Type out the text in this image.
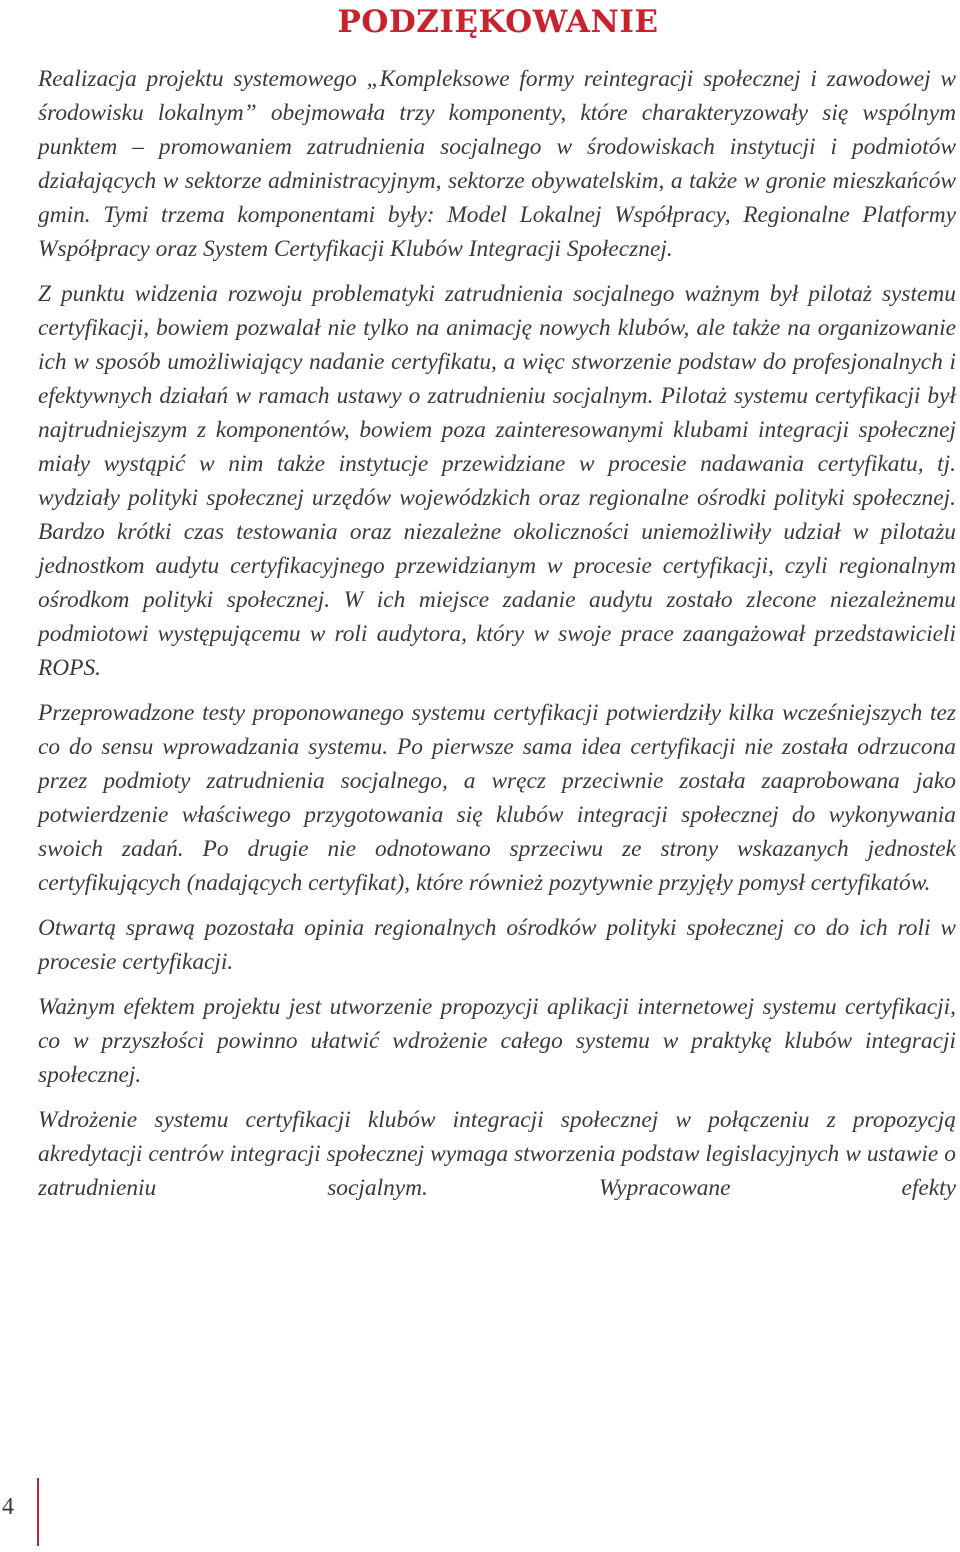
PODZIĘKOWANIE

Realizacja projektu systemowego „Kompleksowe formy reintegracji społecznej i zawodowej w środowisku lokalnym” obejmowała trzy komponenty, które charakteryzowały się wspólnym punktem – promowaniem zatrudnienia socjalnego w środowiskach instytucji i podmiotów działających w sektorze administracyjnym, sektorze obywatelskim, a także w gronie mieszkańców gmin. Tymi trzema komponentami były: Model Lokalnej Współpracy, Regionalne Platformy Współpracy oraz System Certyfikacji Klubów Integracji Społecznej.

Z punktu widzenia rozwoju problematyki zatrudnienia socjalnego ważnym był pilotaż systemu certyfikacji, bowiem pozwalał nie tylko na animację nowych klubów, ale także na organizowanie ich w sposób umożliwiający nadanie certyfikatu, a więc stworzenie podstaw do profesjonalnych i efektywnych działań w ramach ustawy o zatrudnieniu socjalnym. Pilotaż systemu certyfikacji był najtrudniejszym z komponentów, bowiem poza zainteresowanymi klubami integracji społecznej miały wystąpić w nim także instytucje przewidziane w procesie nadawania certyfikatu, tj. wydziały polityki społecznej urzędów wojewódzkich oraz regionalne ośrodki polityki społecznej. Bardzo krótki czas testowania oraz niezależne okoliczności uniemożliwiły udział w pilotażu jednostkom audytu certyfikacyjnego przewidzianym w procesie certyfikacji, czyli regionalnym ośrodkom polityki społecznej. W ich miejsce zadanie audytu zostało zlecone niezależnemu podmiotowi występującemu w roli audytora, który w swoje prace zaangażował przedstawicieli ROPS.

Przeprowadzone testy proponowanego systemu certyfikacji potwierdziły kilka wcześniejszych tez co do sensu wprowadzania systemu. Po pierwsze sama idea certyfikacji nie została odrzucona przez podmioty zatrudnienia socjalnego, a wręcz przeciwnie została zaaprobowana jako potwierdzenie właściwego przygotowania się klubów integracji społecznej do wykonywania swoich zadań. Po drugie nie odnotowano sprzeciwu ze strony wskazanych jednostek certyfikujących (nadających certyfikat), które również pozytywnie przyjęły pomysł certyfikatów.

Otwartą sprawą pozostała opinia regionalnych ośrodków polityki społecznej co do ich roli w procesie certyfikacji.

Ważnym efektem projektu jest utworzenie propozycji aplikacji internetowej systemu certyfikacji, co w przyszłości powinno ułatwić wdrożenie całego systemu w praktykę klubów integracji społecznej.

Wdrożenie systemu certyfikacji klubów integracji społecznej w połączeniu z propozycją akredytacji centrów integracji społecznej wymaga stworzenia podstaw legislacyjnych w ustawie o zatrudnieniu socjalnym. Wypracowane efekty

4
